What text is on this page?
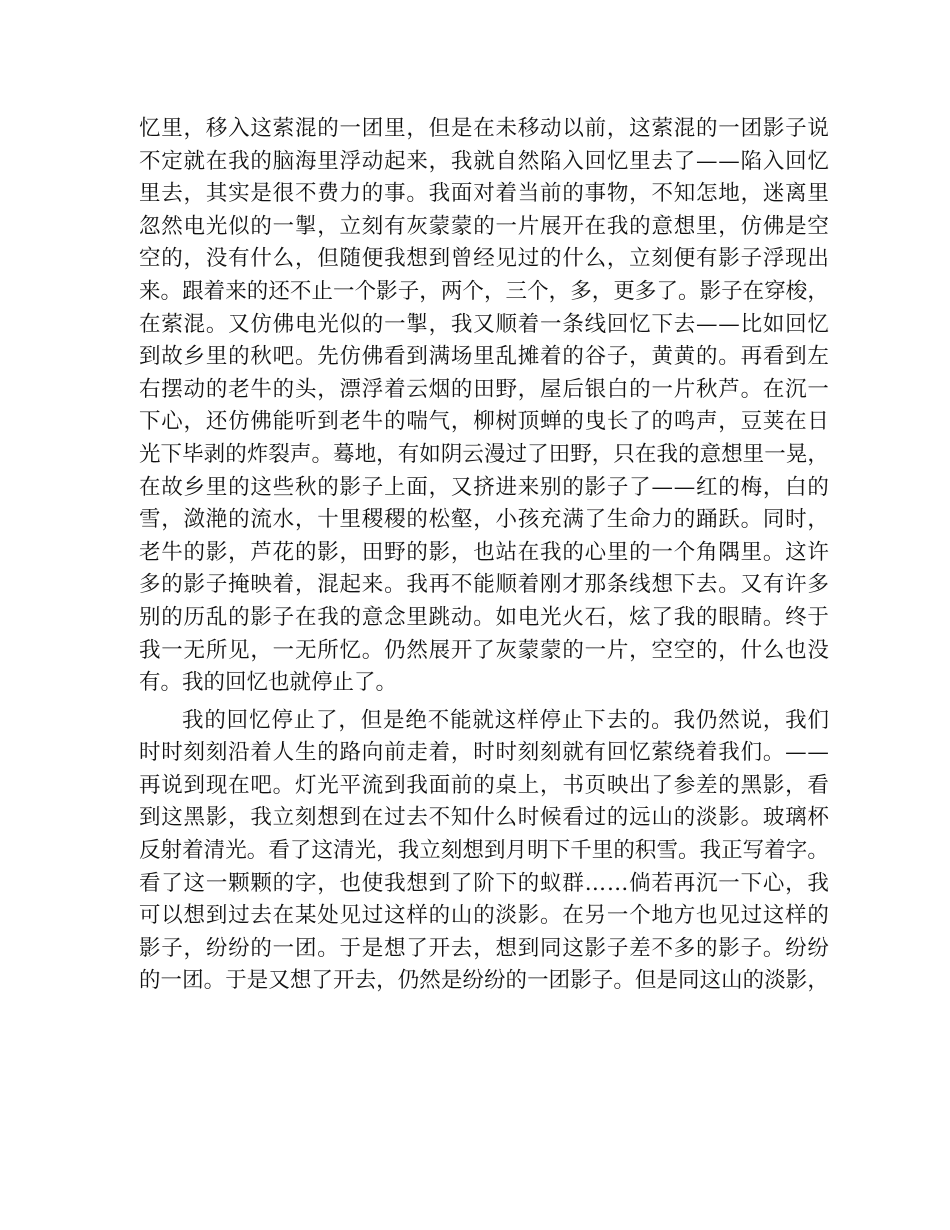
忆里，移入这萦混的一团里，但是在未移动以前，这萦混的一团影子说
不定就在我的脑海里浮动起来，我就自然陷入回忆里去了——陷入回忆
里去，其实是很不费力的事。我面对着当前的事物，不知怎地，迷离里
忽然电光似的一掣，立刻有灰蒙蒙的一片展开在我的意想里，仿佛是空
空的，没有什么，但随便我想到曾经见过的什么，立刻便有影子浮现出
来。跟着来的还不止一个影子，两个，三个，多，更多了。影子在穿梭，
在萦混。又仿佛电光似的一掣，我又顺着一条线回忆下去——比如回忆
到故乡里的秋吧。先仿佛看到满场里乱摊着的谷子，黄黄的。再看到左
右摆动的老牛的头，漂浮着云烟的田野，屋后银白的一片秋芦。在沉一
下心，还仿佛能听到老牛的喘气，柳树顶蝉的曳长了的鸣声，豆荚在日
光下毕剥的炸裂声。蓦地，有如阴云漫过了田野，只在我的意想里一晃，
在故乡里的这些秋的影子上面，又挤进来别的影子了——红的梅，白的
雪，潋滟的流水，十里稷稷的松壑，小孩充满了生命力的踊跃。同时，
老牛的影，芦花的影，田野的影，也站在我的心里的一个角隅里。这许
多的影子掩映着，混起来。我再不能顺着刚才那条线想下去。又有许多
别的历乱的影子在我的意念里跳动。如电光火石，炫了我的眼睛。终于
我一无所见，一无所忆。仍然展开了灰蒙蒙的一片，空空的，什么也没
有。我的回忆也就停止了。
我的回忆停止了，但是绝不能就这样停止下去的。我仍然说，我们
时时刻刻沿着人生的路向前走着，时时刻刻就有回忆萦绕着我们。——
再说到现在吧。灯光平流到我面前的桌上，书页映出了参差的黑影，看
到这黑影，我立刻想到在过去不知什么时候看过的远山的淡影。玻璃杯
反射着清光。看了这清光，我立刻想到月明下千里的积雪。我正写着字。
看了这一颗颗的字，也使我想到了阶下的蚁群……倘若再沉一下心，我
可以想到过去在某处见过这样的山的淡影。在另一个地方也见过这样的
影子，纷纷的一团。于是想了开去，想到同这影子差不多的影子。纷纷
的一团。于是又想了开去，仍然是纷纷的一团影子。但是同这山的淡影，
